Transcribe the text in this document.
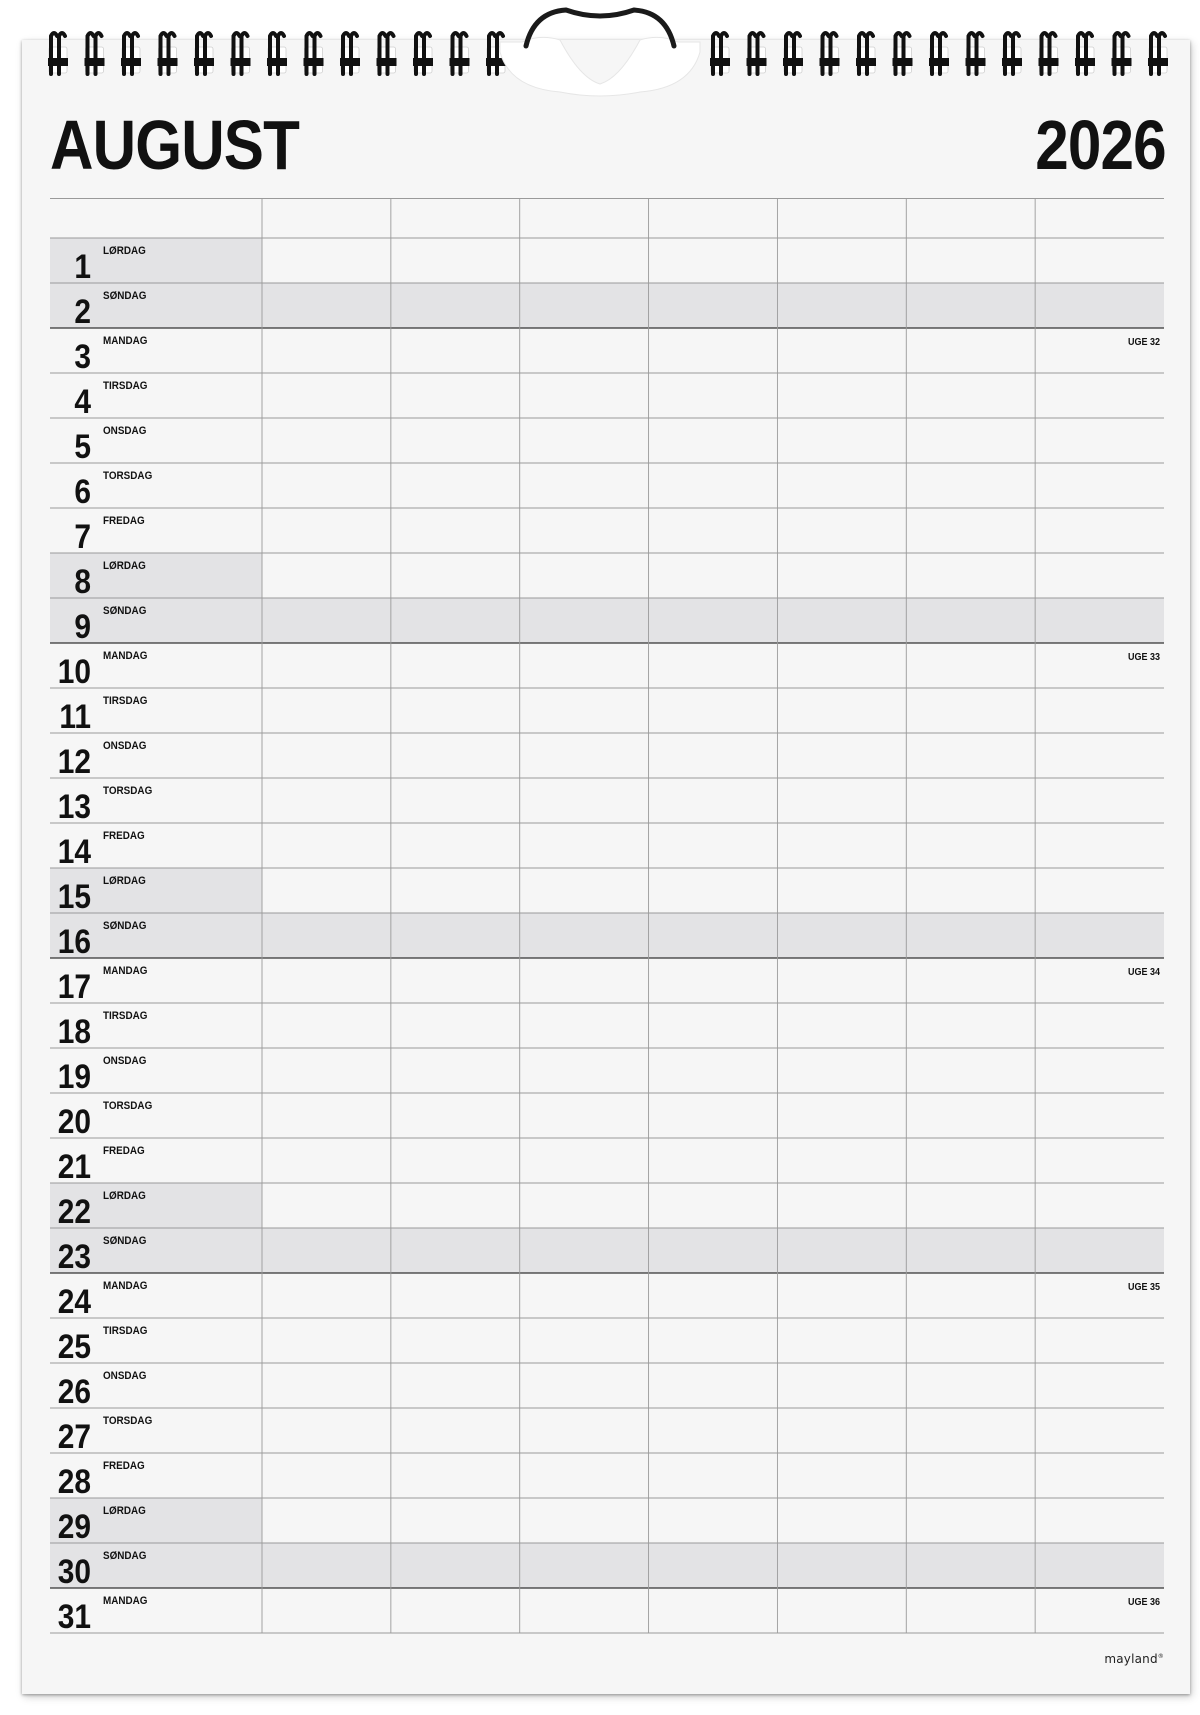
AUGUST	2026
1 LØRDAG
2 SØNDAG
3 MANDAG	UGE 32
4 TIRSDAG
5 ONSDAG
6 TORSDAG
7 FREDAG
8 LØRDAG
9 SØNDAG
10 MANDAG	UGE 33
11 TIRSDAG
12 ONSDAG
13 TORSDAG
14 FREDAG
15 LØRDAG
16 SØNDAG
17 MANDAG	UGE 34
18 TIRSDAG
19 ONSDAG
20 TORSDAG
21 FREDAG
22 LØRDAG
23 SØNDAG
24 MANDAG	UGE 35
25 TIRSDAG
26 ONSDAG
27 TORSDAG
28 FREDAG
29 LØRDAG
30 SØNDAG
31 MANDAG	UGE 36
mayland®
